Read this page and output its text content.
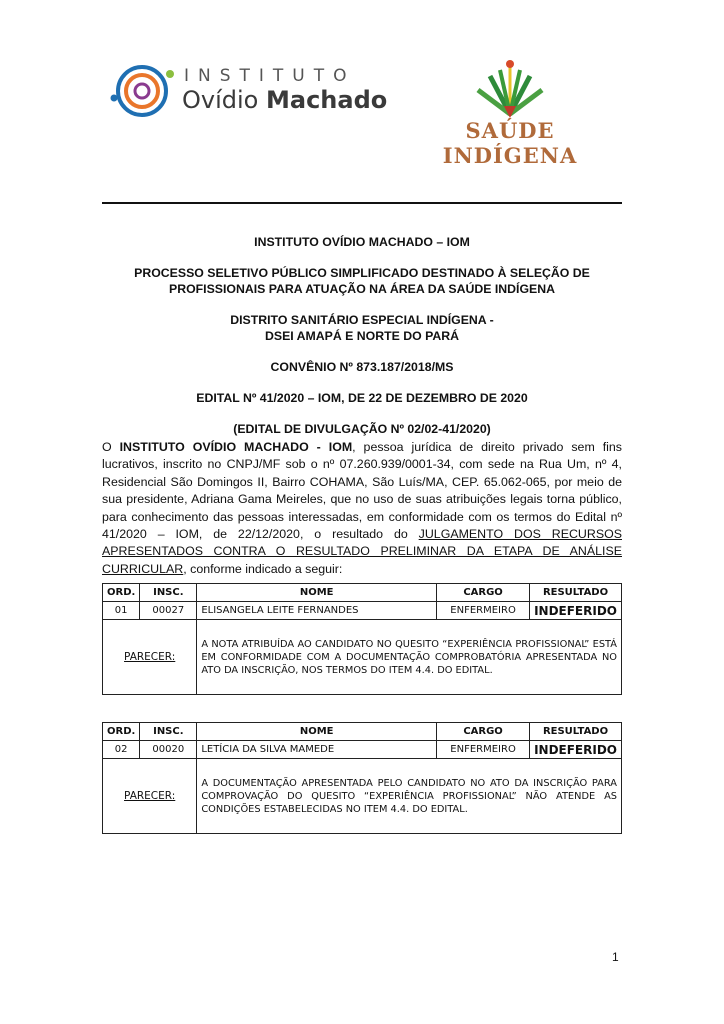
INSTITUTO
Ovídio Machado
SAÚDE INDÍGENA

INSTITUTO OVÍDIO MACHADO – IOM

PROCESSO SELETIVO PÚBLICO SIMPLIFICADO DESTINADO À SELEÇÃO DE PROFISSIONAIS PARA ATUAÇÃO NA ÁREA DA SAÚDE INDÍGENA

DISTRITO SANITÁRIO ESPECIAL INDÍGENA -
DSEI AMAPÁ E NORTE DO PARÁ

CONVÊNIO Nº 873.187/2018/MS

EDITAL Nº 41/2020 – IOM, DE 22 DE DEZEMBRO DE 2020

(EDITAL DE DIVULGAÇÃO Nº 02/02-41/2020)

O INSTITUTO OVÍDIO MACHADO - IOM, pessoa jurídica de direito privado sem fins lucrativos, inscrito no CNPJ/MF sob o nº 07.260.939/0001-34, com sede na Rua Um, nº 4, Residencial São Domingos II, Bairro COHAMA, São Luís/MA, CEP. 65.062-065, por meio de sua presidente, Adriana Gama Meireles, que no uso de suas atribuições legais torna público, para conhecimento das pessoas interessadas, em conformidade com os termos do Edital nº 41/2020 – IOM, de 22/12/2020, o resultado do JULGAMENTO DOS RECURSOS APRESENTADOS CONTRA O RESULTADO PRELIMINAR DA ETAPA DE ANÁLISE CURRICULAR, conforme indicado a seguir:
ORD.	INSC.	NOME	CARGO	RESULTADO
01	00027	ELISANGELA LEITE FERNANDES	ENFERMEIRO	INDEFERIDO
PARECER:		A NOTA ATRIBUÍDA AO CANDIDATO NO QUESITO “EXPERIÊNCIA PROFISSIONAL” ESTÁ EM CONFORMIDADE COM A DOCUMENTAÇÃO COMPROBATÓRIA APRESENTADA NO ATO DA INSCRIÇÃO, NOS TERMOS DO ITEM 4.4. DO EDITAL.		
ORD.	INSC.	NOME	CARGO	RESULTADO
02	00020	LETÍCIA DA SILVA MAMEDE	ENFERMEIRO	INDEFERIDO
PARECER:		A DOCUMENTAÇÃO APRESENTADA PELO CANDIDATO NO ATO DA INSCRIÇÃO PARA COMPROVAÇÃO DO QUESITO “EXPERIÊNCIA PROFISSIONAL” NÃO ATENDE AS CONDIÇÕES ESTABELECIDAS NO ITEM 4.4. DO EDITAL.		
1
